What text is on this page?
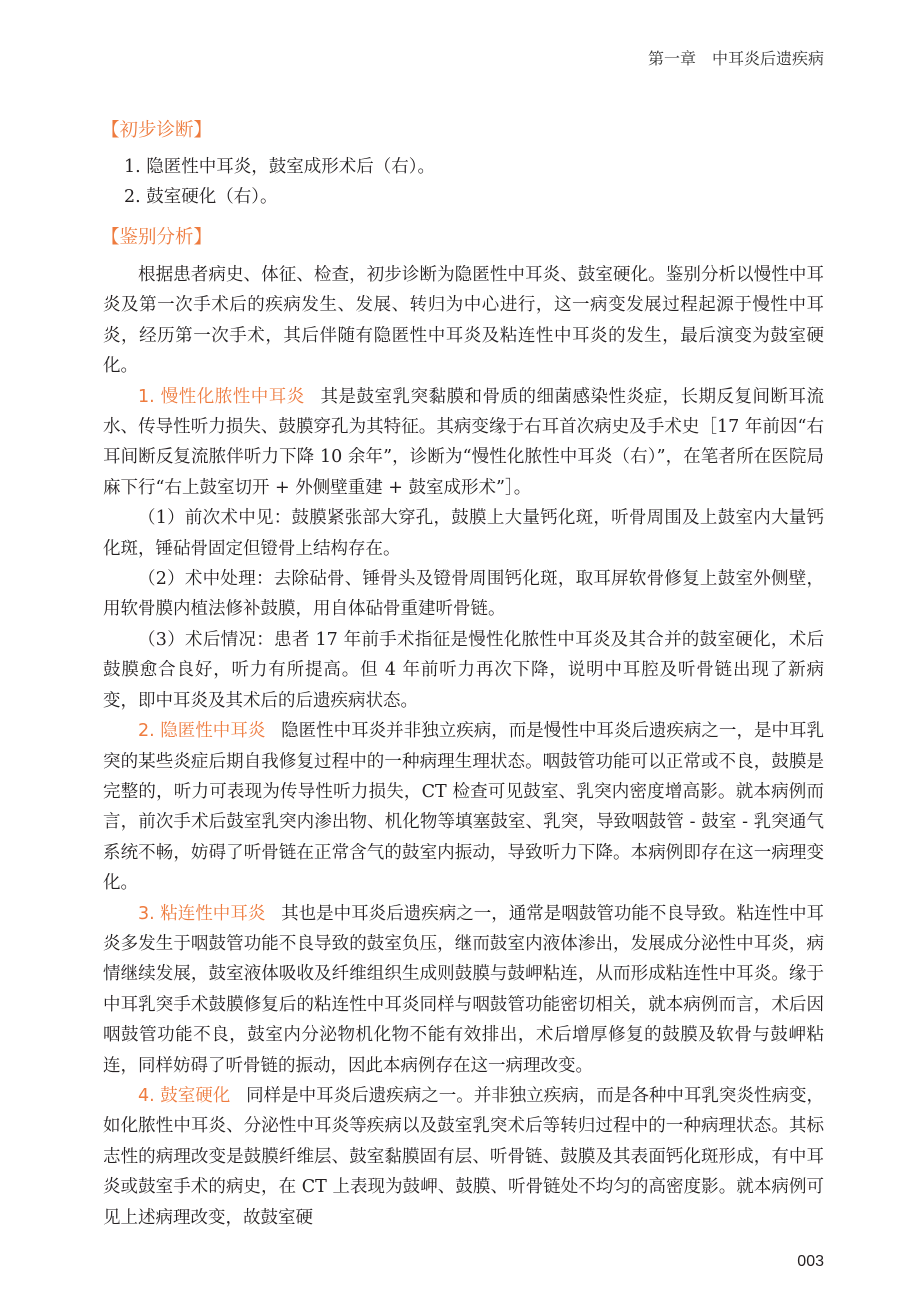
第一章　中耳炎后遗疾病
【初步诊断】
1. 隐匿性中耳炎，鼓室成形术后（右）。
2. 鼓室硬化（右）。
【鉴别分析】

根据患者病史、体征、检查，初步诊断为隐匿性中耳炎、鼓室硬化。鉴别分析以慢性中耳炎及第一次手术后的疾病发生、发展、转归为中心进行，这一病变发展过程起源于慢性中耳炎，经历第一次手术，其后伴随有隐匿性中耳炎及粘连性中耳炎的发生，最后演变为鼓室硬化。

1. 慢性化脓性中耳炎 其是鼓室乳突黏膜和骨质的细菌感染性炎症，长期反复间断耳流水、传导性听力损失、鼓膜穿孔为其特征。其病变缘于右耳首次病史及手术史［17 年前因“右耳间断反复流脓伴听力下降 10 余年”，诊断为“慢性化脓性中耳炎（右）”，在笔者所在医院局麻下行“右上鼓室切开 + 外侧壁重建 + 鼓室成形术”］。

（1）前次术中见：鼓膜紧张部大穿孔，鼓膜上大量钙化斑，听骨周围及上鼓室内大量钙化斑，锤砧骨固定但镫骨上结构存在。

（2）术中处理：去除砧骨、锤骨头及镫骨周围钙化斑，取耳屏软骨修复上鼓室外侧壁，用软骨膜内植法修补鼓膜，用自体砧骨重建听骨链。

（3）术后情况：患者 17 年前手术指征是慢性化脓性中耳炎及其合并的鼓室硬化，术后鼓膜愈合良好，听力有所提高。但 4 年前听力再次下降，说明中耳腔及听骨链出现了新病变，即中耳炎及其术后的后遗疾病状态。

2. 隐匿性中耳炎 隐匿性中耳炎并非独立疾病，而是慢性中耳炎后遗疾病之一，是中耳乳突的某些炎症后期自我修复过程中的一种病理生理状态。咽鼓管功能可以正常或不良，鼓膜是完整的，听力可表现为传导性听力损失，CT 检查可见鼓室、乳突内密度增高影。就本病例而言，前次手术后鼓室乳突内渗出物、机化物等填塞鼓室、乳突，导致咽鼓管 - 鼓室 - 乳突通气系统不畅，妨碍了听骨链在正常含气的鼓室内振动，导致听力下降。本病例即存在这一病理变化。

3. 粘连性中耳炎 其也是中耳炎后遗疾病之一，通常是咽鼓管功能不良导致。粘连性中耳炎多发生于咽鼓管功能不良导致的鼓室负压，继而鼓室内液体渗出，发展成分泌性中耳炎，病情继续发展，鼓室液体吸收及纤维组织生成则鼓膜与鼓岬粘连，从而形成粘连性中耳炎。缘于中耳乳突手术鼓膜修复后的粘连性中耳炎同样与咽鼓管功能密切相关，就本病例而言，术后因咽鼓管功能不良，鼓室内分泌物机化物不能有效排出，术后增厚修复的鼓膜及软骨与鼓岬粘连，同样妨碍了听骨链的振动，因此本病例存在这一病理改变。

4. 鼓室硬化 同样是中耳炎后遗疾病之一。并非独立疾病，而是各种中耳乳突炎性病变，如化脓性中耳炎、分泌性中耳炎等疾病以及鼓室乳突术后等转归过程中的一种病理状态。其标志性的病理改变是鼓膜纤维层、鼓室黏膜固有层、听骨链、鼓膜及其表面钙化斑形成，有中耳炎或鼓室手术的病史，在 CT 上表现为鼓岬、鼓膜、听骨链处不均匀的高密度影。就本病例可见上述病理改变，故鼓室硬

003
